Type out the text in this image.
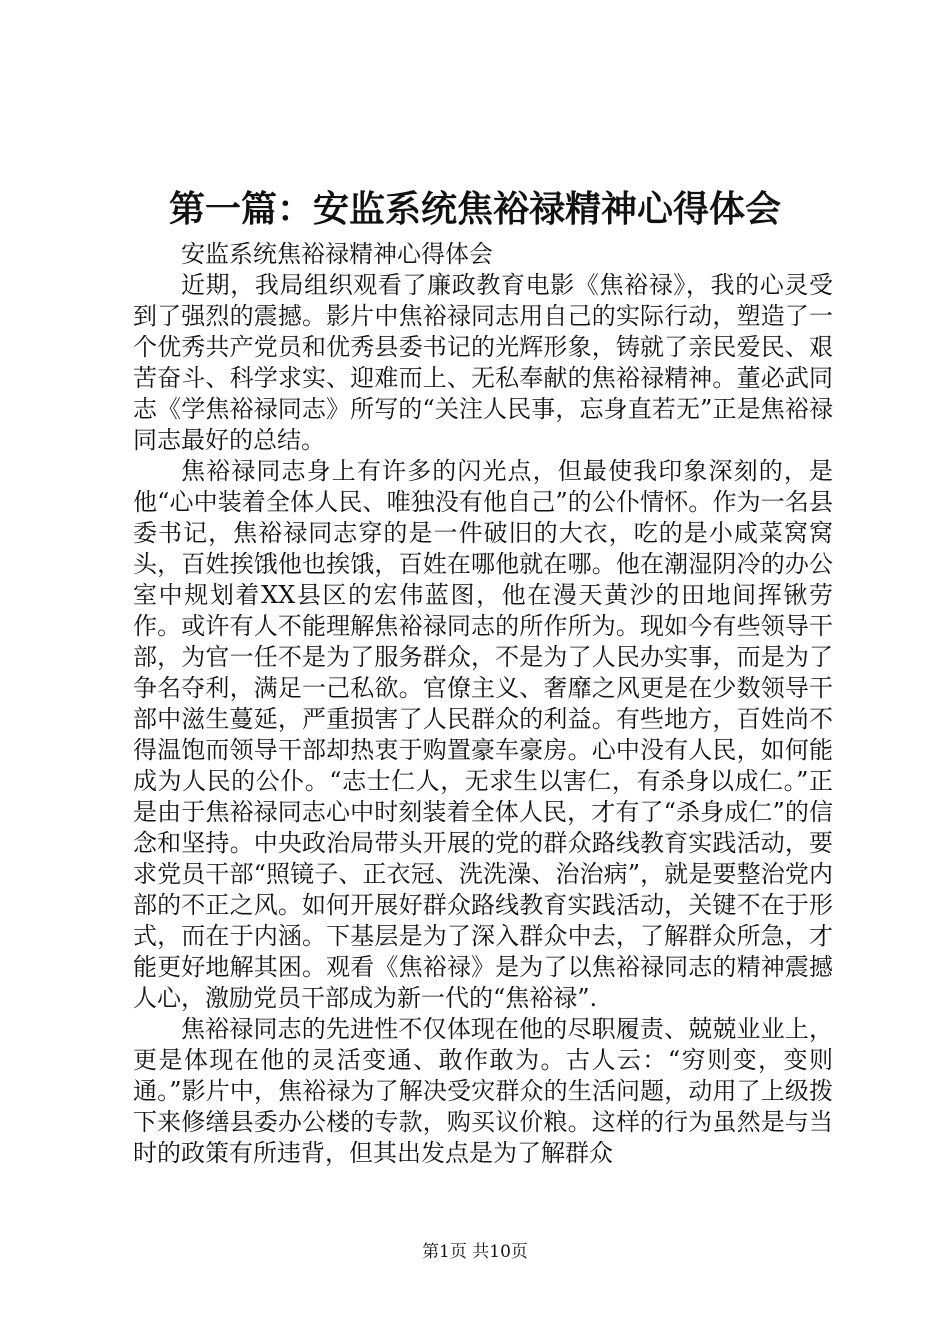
第一篇：安监系统焦裕禄精神心得体会

安监系统焦裕禄精神心得体会

近期，我局组织观看了廉政教育电影《焦裕禄》，我的心灵受到了强烈的震撼。影片中焦裕禄同志用自己的实际行动，塑造了一个优秀共产党员和优秀县委书记的光辉形象，铸就了亲民爱民、艰苦奋斗、科学求实、迎难而上、无私奉献的焦裕禄精神。董必武同志《学焦裕禄同志》所写的“关注人民事，忘身直若无”正是焦裕禄同志最好的总结。

焦裕禄同志身上有许多的闪光点，但最使我印象深刻的，是他“心中装着全体人民、唯独没有他自己”的公仆情怀。作为一名县委书记，焦裕禄同志穿的是一件破旧的大衣，吃的是小咸菜窝窝头，百姓挨饿他也挨饿，百姓在哪他就在哪。他在潮湿阴冷的办公室中规划着XX县区的宏伟蓝图，他在漫天黄沙的田地间挥锹劳作。或许有人不能理解焦裕禄同志的所作所为。现如今有些领导干部，为官一任不是为了服务群众，不是为了人民办实事，而是为了争名夺利，满足一己私欲。官僚主义、奢靡之风更是在少数领导干部中滋生蔓延，严重损害了人民群众的利益。有些地方，百姓尚不得温饱而领导干部却热衷于购置豪车豪房。心中没有人民，如何能成为人民的公仆。“志士仁人，无求生以害仁，有杀身以成仁。”正是由于焦裕禄同志心中时刻装着全体人民，才有了“杀身成仁”的信念和坚持。中央政治局带头开展的党的群众路线教育实践活动，要求党员干部“照镜子、正衣冠、洗洗澡、治治病”，就是要整治党内部的不正之风。如何开展好群众路线教育实践活动，关键不在于形式，而在于内涵。下基层是为了深入群众中去，了解群众所急，才能更好地解其困。观看《焦裕禄》是为了以焦裕禄同志的精神震撼人心，激励党员干部成为新一代的“焦裕禄”.

焦裕禄同志的先进性不仅体现在他的尽职履责、兢兢业业上，更是体现在他的灵活变通、敢作敢为。古人云：“穷则变，变则通。”影片中，焦裕禄为了解决受灾群众的生活问题，动用了上级拨下来修缮县委办公楼的专款，购买议价粮。这样的行为虽然是与当时的政策有所违背，但其出发点是为了解群众

第1页 共10页
